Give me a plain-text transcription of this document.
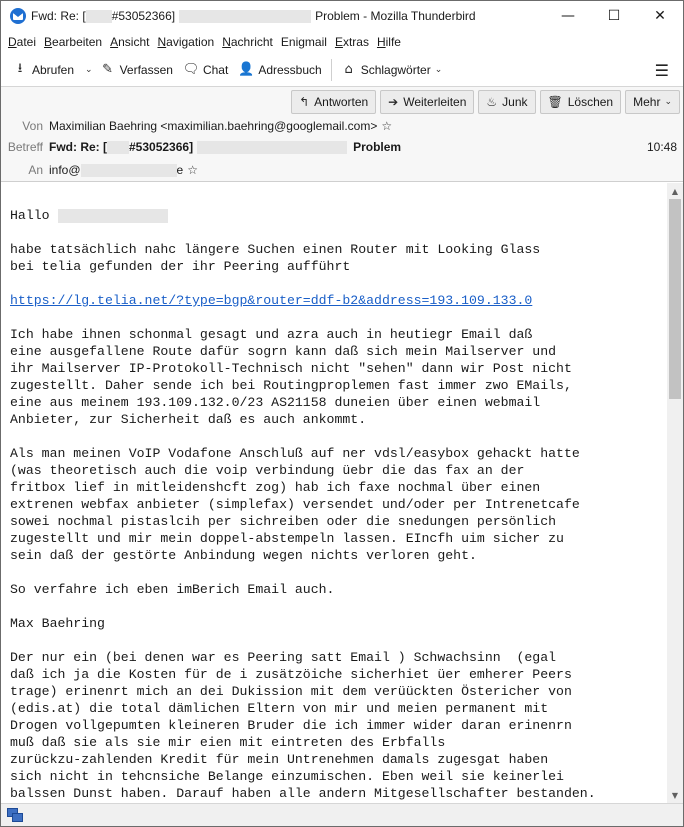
Fwd: Re: [ #53052366]	Problem - Mozilla Thunderbird	—	☐	✕
Datei Bearbeiten Ansicht Navigation Nachricht Enigmail Extras Hilfe
⭳ Abrufen ⌄ ✎ Verfassen 🗨 Chat 👤 Adressbuch ⌂ Schlagwörter ⌄	☰
↰ Antworten ➔ Weiterleiten ♨ Junk 🗑 Löschen Mehr ⌄
Von Maximilian Baehring <maximilian.baehring@googlemail.com> ☆
Betreff Fwd: Re: [ #53052366]	Problem	10:48
An info@	e ☆

Hallo

habe tatsächlich nahc längere Suchen einen Router mit Looking Glass
bei telia gefunden der ihr Peering aufführt

https://lg.telia.net/?type=bgp&router=ddf-b2&address=193.109.133.0

Ich habe ihnen schonmal gesagt und azra auch in heutiegr Email daß
eine ausgefallene Route dafür sogrn kann daß sich mein Mailserver und
ihr Mailserver IP-Protokoll-Technisch nicht "sehen" dann wir Post nicht
zugestellt. Daher sende ich bei Routingproplemen fast immer zwo EMails,
eine aus meinem 193.109.132.0/23 AS21158 duneien über einen webmail
Anbieter, zur Sicherheit daß es auch ankommt.

Als man meinen VoIP Vodafone Anschluß auf ner vdsl/easybox gehackt hatte
(was theoretisch auch die voip verbindung üebr die das fax an der
fritbox lief in mitleidenshcft zog) hab ich faxe nochmal über einen
extrenen webfax anbieter (simplefax) versendet und/oder per Intrenetcafe
sowei nochmal pistaslcih per sichreiben oder die snedungen persönlich
zugestellt und mir mein doppel-abstempeln lassen. EIncfh uim sicher zu
sein daß der gestörte Anbindung wegen nichts verloren geht.

So verfahre ich eben imBerich Email auch.

Max Baehring

Der nur ein (bei denen war es Peering satt Email ) Schwachsinn  (egal
daß ich ja die Kosten für de i zusätzöiche sicherhiet üer emherer Peers
trage) erinenrt mich an dei Dukission mit dem verüückten Östericher von
(edis.at) die total dämlichen Eltern von mir und meien permanent mit
Drogen vollgepumten kleineren Bruder die ich immer wider daran erinenrn
muß daß sie als sie mir eien mit eintreten des Erbfalls
zurückzu-zahlenden Kredit für mein Untrenehmen damals zugesgat haben
sich nicht in tehcnsiche Belange einzumischen. Eben weil sie keinerlei
balssen Dunst haben. Darauf haben alle andern Mitgesellschafter bestanden.

▲
▼
